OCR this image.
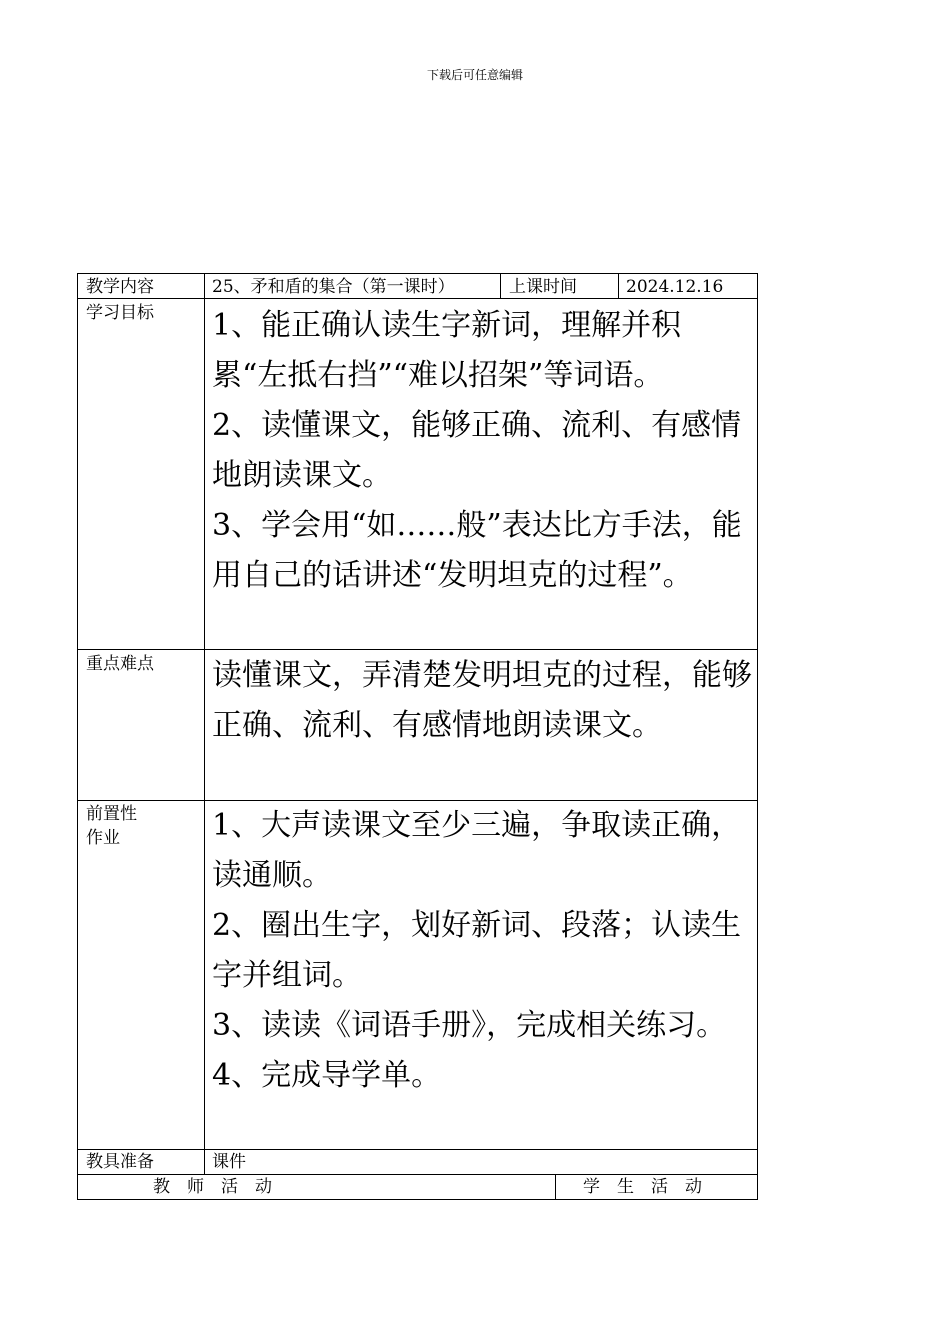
下载后可任意编辑
教学内容	25、矛和盾的集合（第一课时）	上课时间	2024.12.16
学习目标	1、能正确认读生字新词，理解并积累“左抵右挡”“难以招架”等词语。
2、读懂课文，能够正确、流利、有感情地朗读课文。
3、学会用“如……般”表达比方手法，能用自己的话讲述“发明坦克的过程”。
重点难点	读懂课文，弄清楚发明坦克的过程，能够正确、流利、有感情地朗读课文。
前置性
作业	1、大声读课文至少三遍，争取读正确，读通顺。
2、圈出生字，划好新词、段落；认读生字并组词。
3、读读《词语手册》，完成相关练习。
4、完成导学单。
教具准备	课件
教师活动	学生活动
